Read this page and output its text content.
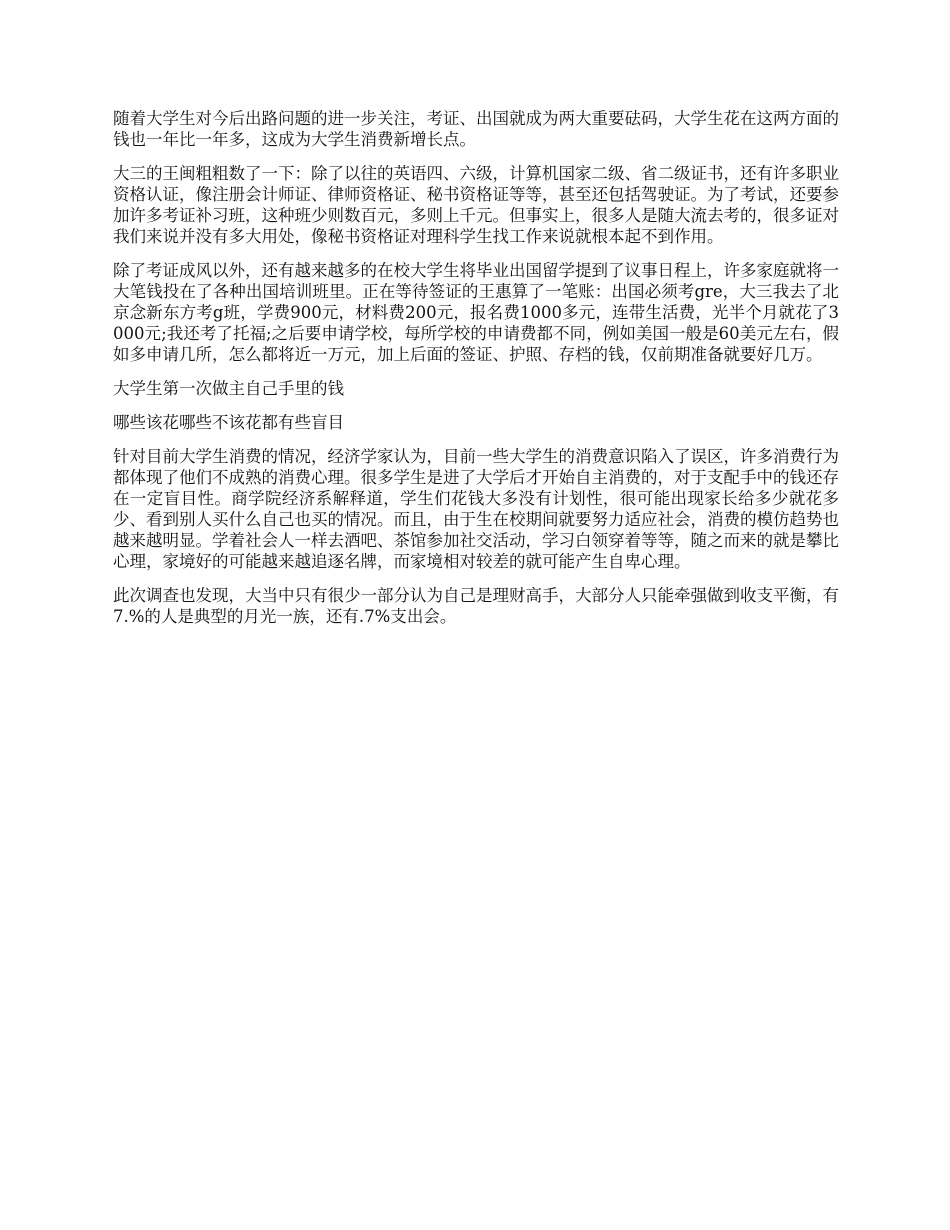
随着大学生对今后出路问题的进一步关注，考证、出国就成为两大重要砝码，大学生花在这两方面的钱也一年比一年多，这成为大学生消费新增长点。

大三的王闽粗粗数了一下：除了以往的英语四、六级，计算机国家二级、省二级证书，还有许多职业资格认证，像注册会计师证、律师资格证、秘书资格证等等，甚至还包括驾驶证。为了考试，还要参加许多考证补习班，这种班少则数百元，多则上千元。但事实上，很多人是随大流去考的，很多证对我们来说并没有多大用处，像秘书资格证对理科学生找工作来说就根本起不到作用。

除了考证成风以外，还有越来越多的在校大学生将毕业出国留学提到了议事日程上，许多家庭就将一大笔钱投在了各种出国培训班里。正在等待签证的王惠算了一笔账：出国必须考gre，大三我去了北京念新东方考g班，学费900元，材料费200元，报名费1000多元，连带生活费，光半个月就花了3000元;我还考了托福;之后要申请学校，每所学校的申请费都不同，例如美国一般是60美元左右，假如多申请几所，怎么都将近一万元，加上后面的签证、护照、存档的钱，仅前期准备就要好几万。

大学生第一次做主自己手里的钱

哪些该花哪些不该花都有些盲目

针对目前大学生消费的情况，经济学家认为，目前一些大学生的消费意识陷入了误区，许多消费行为都体现了他们不成熟的消费心理。很多学生是进了大学后才开始自主消费的，对于支配手中的钱还存在一定盲目性。商学院经济系解释道，学生们花钱大多没有计划性，很可能出现家长给多少就花多少、看到别人买什么自己也买的情况。而且，由于生在校期间就要努力适应社会，消费的模仿趋势也越来越明显。学着社会人一样去酒吧、茶馆参加社交活动，学习白领穿着等等，随之而来的就是攀比心理，家境好的可能越来越追逐名牌，而家境相对较差的就可能产生自卑心理。

此次调查也发现，大当中只有很少一部分认为自己是理财高手，大部分人只能牵强做到收支平衡，有7.%的人是典型的月光一族，还有.7%支出会。
